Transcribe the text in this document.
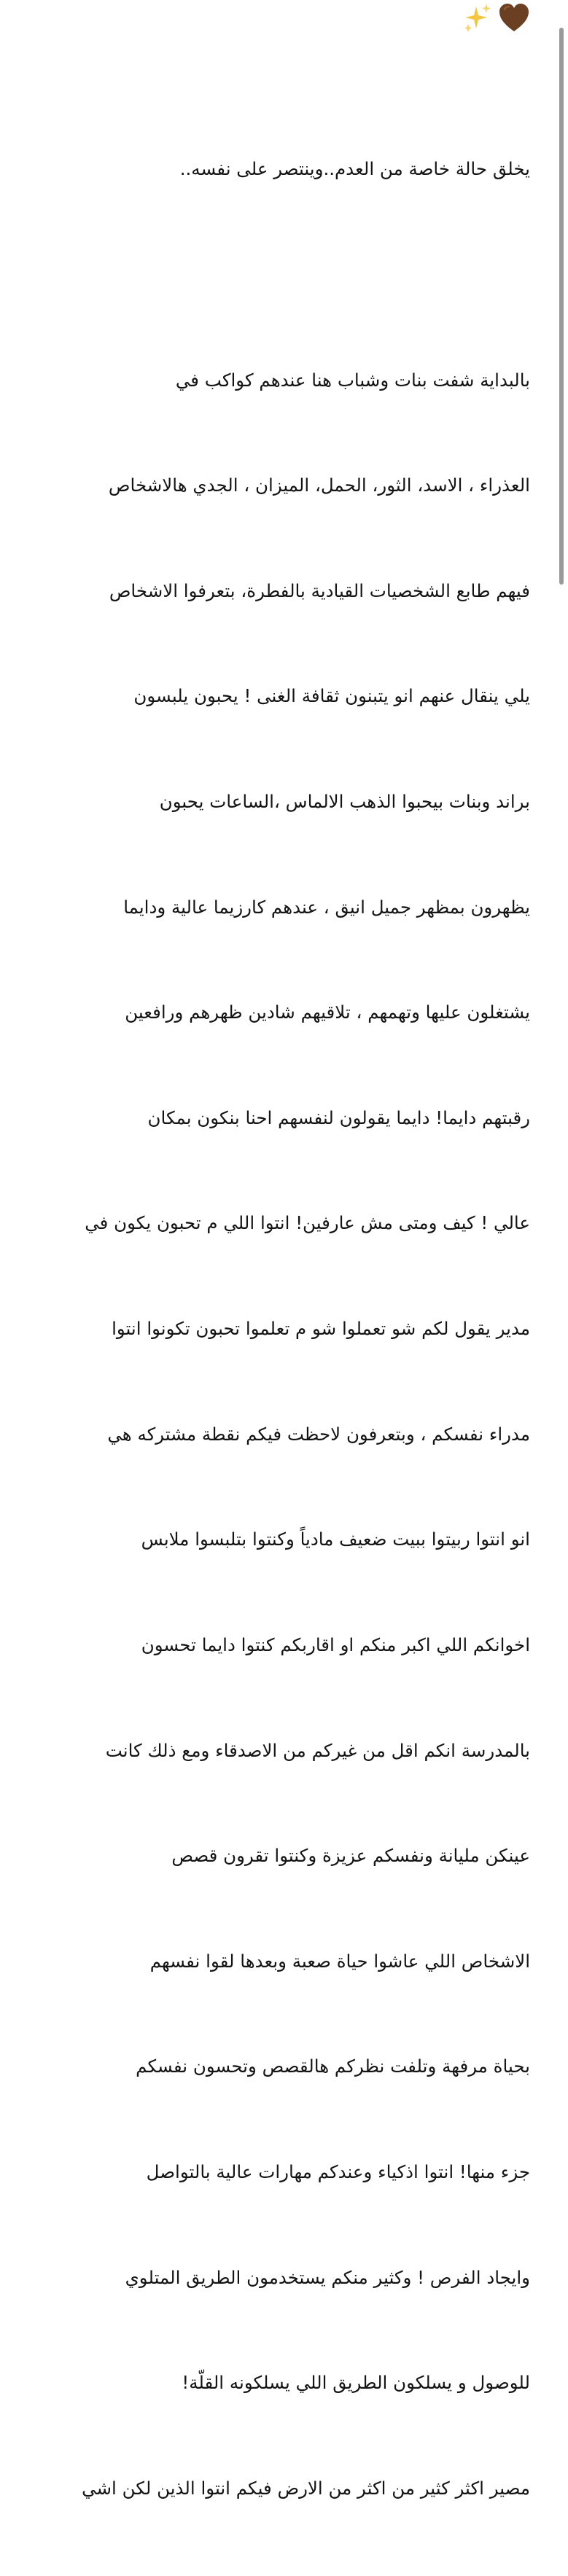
يخلق حالة خاصة من العدم..وينتصر على نفسه..

بالبداية شفت بنات وشباب هنا عندهم كواكب في

العذراء ، الاسد، الثور، الحمل، الميزان ، الجدي هالاشخاص

فيهم طابع الشخصيات القيادية بالفطرة، بتعرفوا الاشخاص

يلي ينقال عنهم انو يتبنون ثقافة الغنى ! يحبون يلبسون

براند وبنات بيحبوا الذهب الالماس ،الساعات يحبون

يظهرون بمظهر جميل انيق ، عندهم كارزيما عالية ودايما

يشتغلون عليها وتهمهم ، تلاقيهم شادين ظهرهم ورافعين

رقبتهم دايما! دايما يقولون لنفسهم احنا بنكون بمكان

عالي ! كيف ومتى مش عارفين! انتوا اللي م تحبون يكون في

مدير يقول لكم شو تعملوا شو م تعلموا تحبون تكونوا انتوا

مدراء نفسكم ، وبتعرفون لاحظت فيكم نقطة مشتركه هي

انو انتوا ربيتوا ببيت ضعيف مادياً وكنتوا بتلبسوا ملابس

اخوانكم اللي اكبر منكم او اقاربكم كنتوا دايما تحسون

بالمدرسة انكم اقل من غيركم من الاصدقاء ومع ذلك كانت

عينكن مليانة ونفسكم عزيزة وكنتوا تقرون قصص

الاشخاص اللي عاشوا حياة صعبة وبعدها لقوا نفسهم

بحياة مرفهة وتلفت نظركم هالقصص وتحسون نفسكم

جزء منها! انتوا اذكياء وعندكم مهارات عالية بالتواصل

وايجاد الفرص ! وكثير منكم يستخدمون الطريق المتلوي

للوصول و يسلكون الطريق اللي يسلكونه القلّة!

مصير اكثر كثير من اكثر من الارض فيكم انتوا الذين لكن اشي
